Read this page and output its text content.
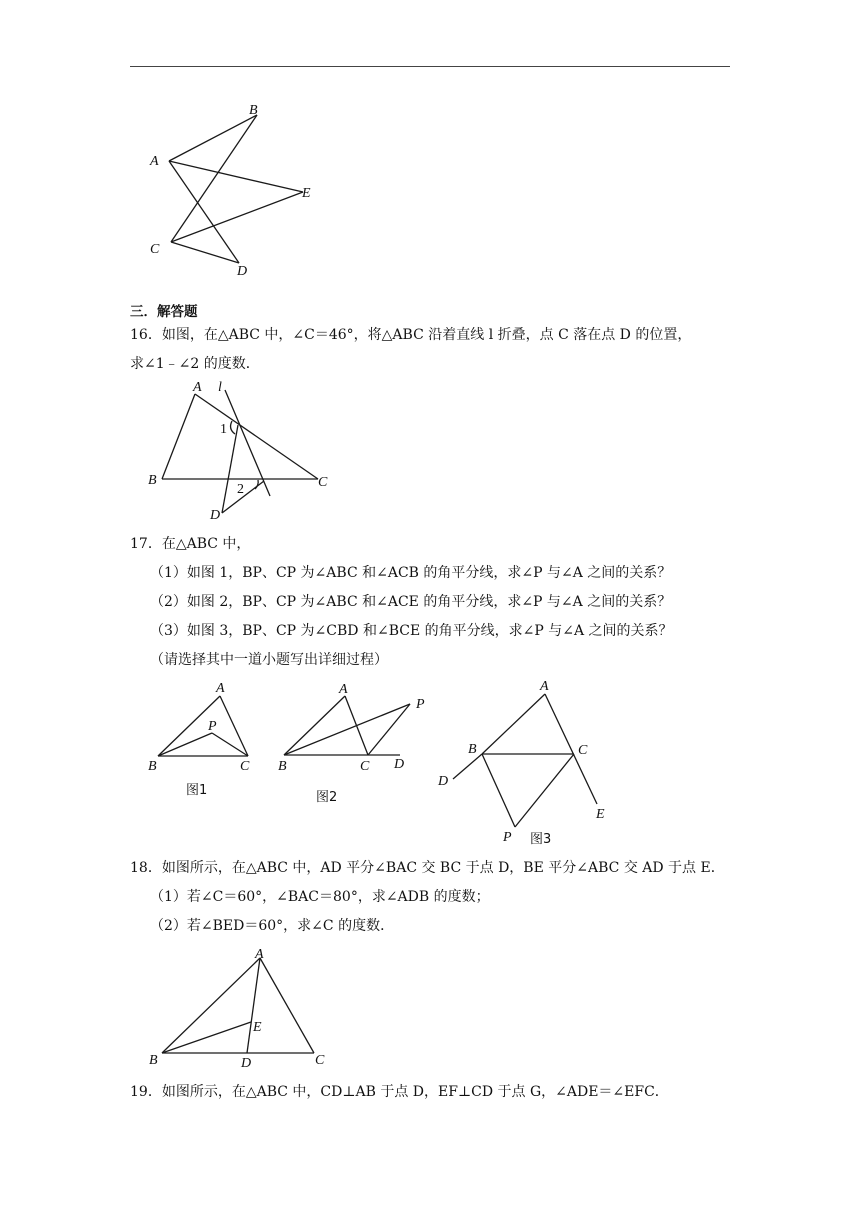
A
B
E
C
D
三．解答题
16．如图，在△ABC 中，∠C＝46°，将△ABC 沿着直线 l 折叠，点 C 落在点 D 的位置，
求∠1﹣∠2 的度数．
A l
1
B	C
2
D
17．在△ABC 中，
（1）如图 1，BP、CP 为∠ABC 和∠ACB 的角平分线，求∠P 与∠A 之间的关系？
（2）如图 2，BP、CP 为∠ABC 和∠ACE 的角平分线，求∠P 与∠A 之间的关系？
（3）如图 3，BP、CP 为∠CBD 和∠BCE 的角平分线，求∠P 与∠A 之间的关系？
（请选择其中一道小题写出详细过程）
A
P
B	C
图1
A
P
B	C D
图2
A
B	C
D
E
P 图3
18．如图所示，在△ABC 中，AD 平分∠BAC 交 BC 于点 D，BE 平分∠ABC 交 AD 于点 E．
（1）若∠C＝60°，∠BAC＝80°，求∠ADB 的度数；
（2）若∠BED＝60°，求∠C 的度数．
A
E
B	D	C
19．如图所示，在△ABC 中，CD⊥AB 于点 D，EF⊥CD 于点 G，∠ADE＝∠EFC．
